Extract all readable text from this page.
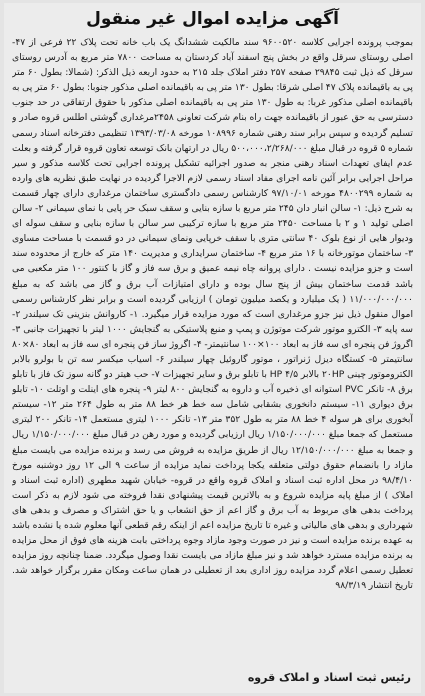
آگهی مزایده اموال غیر منقول

بموجب پرونده اجرایی کلاسه ۹۶۰۰۵۲۰ سند مالکیت ششدانگ یک باب خانه تحت پلاک ۲۲ فرعی از ۴۷- اصلی روستای سرقل واقع در بخش پنج اسفند آباد کردستان به مساحت ۷۸۰۰ متر مربع به آدرس روستای سرقل که ذیل ثبت ۲۹۸۴۵ صفحه ۲۵۷ دفتر املاک جلد ۲۱۵ به حدود اربعه ذیل الذکر: (شمالا: بطول ۶۰ متر پی به باقیمانده پلاک ۴۷ اصلی شرقا: بطول ۱۳۰ متر پی به باقیمانده اصلی مذکور جنوبا: بطول ۶۰ متر پی به باقیمانده اصلی مذکور غربا: به طول ۱۳۰ متر پی به باقیمانده اصلی مذکور با حقوق ارتفاقی در حد جنوب دسترسی به حق عبور از باقیمانده جهت راه بنام شرکت تعاونی ۲۴۵۸مرغداری گوشتی اطلس قروه صادر و تسلیم گردیده و سپس برابر سند رهنی شماره ۱۰۸۹۹۶ مورخه ۱۳۹۳/۰۳/۰۸ تنظیمی دفترخانه اسناد رسمی شماره ۵ قروه در قبال مبلغ ۵۰۰،۰۰۰،۲/۲۶۸/۰۰۰ ریال در ارتهان بانک توسعه تعاون قروه قرار گرفته و بعلت عدم ایفای تعهدات اسناد رهنی منجر به صدور اجرائیه تشکیل پرونده اجرایی تحت کلاسه مذکور و سیر مراحل اجرایی برابر آئین نامه اجرای مفاد اسناد رسمی لازم الاجرا گردیده در نهایت طبق نظریه های وارده به شماره ۴۸۰۰۲۹۹ مورخه ۹۷/۱۰/۰۱ کارشناس رسمی دادگستری ساختمان مرغداری دارای چهار قسمت به شرح ذیل: ۱- سالن انبار دان ۲۴۵ متر مربع با سازه بنایی و سقف سبک حر پایی با نمای سیمانی ۲- سالن اصلی تولید ۱ و ۲ با مساحت ۲۴۵۰ متر مربع با سازه ترکیبی سر سالن با سازه بنایی و سقف سوله ای ودیوار هایی از نوع بلوک ۴۰ سانتی متری با سقف خرپایی ونمای سیمانی در دو قسمت با مساحت مساوی ۳- ساختمان موتورخانه با ۱۶ متر مربع ۴- ساختمان سرایداری و مدیریت ۱۴۰ متر که خارج از محدوده سند است و جزو مزایده نیست . دارای پروانه چاه نیمه عمیق و برق سه فاز و گاز با کنتور ۱۰۰ متر مکعبی می باشد قدمت ساختمان بیش از پنج سال بوده و دارای امتیازات آب برق و گاز می باشد که به مبلغ ۱۱/۰۰۰/۰۰۰/۰۰۰ ( یک میلیارد و یکصد میلیون تومان ) ارزیابی گردیده است و برابر نظر کارشناس رسمی اموال منقول ذیل نیز جزو مرغداری است که مورد مزایده قرار میگیرد. ۱- کاروانش بنزینی تک سیلندر ۲- سه پایه ۳- الکترو موتور شرکت موتوژن و پمپ و منبع پلاستیکی به گنجایش ۱۰۰۰ لیتر با تجهیزات جانبی ۳- اگروژ فن پنجره ای سه فاز به ابعاد ۱۰۰×۱۰۰ سانتیمتر- ۴- اگروژ ساز فن پنجره ای سه فاز به ابعاد ۸۰×۸۰ سانتیمتر ۵- کستگاه دیزل ژنراتور ، موتور گاروئیل چهار سیلندر ۶- اسیاب میکسر سه تن با بولرو بالابر الکتروموتور چینی ۲۰HP بالابر ۴/۵ HP با تابلو برق و سایر تجهیزات ۷- حب هیتر دو گانه سوز تک فاز با تابلو برق ۸- تانکر PVC استوانه ای ذخیره آب و داروه به گنجایش ۸۰۰ لیتر ۹- پنجره های اینلت و اوتلت ۱۰- تابلو برق دیواری ۱۱- سیستم دانخوری بشقابی شامل سه خط هر خط ۸۸ متر به طول ۲۶۴ متر ۱۲- سیستم آبخوری برای هر سوله ۴ خط ۸۸ متر به طول ۳۵۲ متر ۱۳- تانکر ۱۰۰۰ لیتری مستعمل ۱۴- تانکر ۲۰۰ لیتری مستعمل که جمعا مبلغ ۱/۱۵۰/۰۰۰/۰۰۰ ریال ارزیابی گردیده و مورد رهن در قبال مبلغ ۱/۱۵۰/۰۰۰/۰۰۰ ریال و جمعا به مبلغ ۱۲/۱۵۰/۰۰۰/۰۰۰ ریال از طریق مزایده به فروش می رسد و برنده مزایده می بایست مبلغ مازاد را بانضمام حقوق دولتی متعلقه یکجا پرداخت نماید مزایده از ساعت ۹ الی ۱۲ روز دوشنبه مورخ ۹۸/۴/۱۰ در محل اداره ثبت اسناد و املاک قروه واقع در قروه- خیابان شهید مطهری (اداره ثبت اسناد و املاک ) از مبلغ پایه مزایده شروع و به بالاترین قیمت پیشنهادی نقدا فروخته می شود لازم به ذکر است پرداخت بدهی های مربوط به آب برق و گاز اعم از حق انشعاب و یا حق اشتراک و مصرف و بدهی های شهرداری و بدهی های مالیاتی و غیره تا تاریخ مزایده اعم از اینکه رقم قطعی آنها معلوم شده یا نشده باشد به عهده برنده مزایده است و نیز در صورت وجود مازاد وجوه پرداختی بابت هزینه های فوق از محل مزایده به برنده مزایده مسترد خواهد شد و نیز مبلغ مازاد می بایست نقدا وصول میگردد. ضمنا چنانچه روز مزایده تعطیل رسمی اعلام گردد مزایده روز اداری بعد از تعطیلی در همان ساعت ومکان مقرر برگزار خواهد شد. تاریخ انتشار ۹۸/۳/۱۹

رئیس ثبت اسناد و املاک قروه
